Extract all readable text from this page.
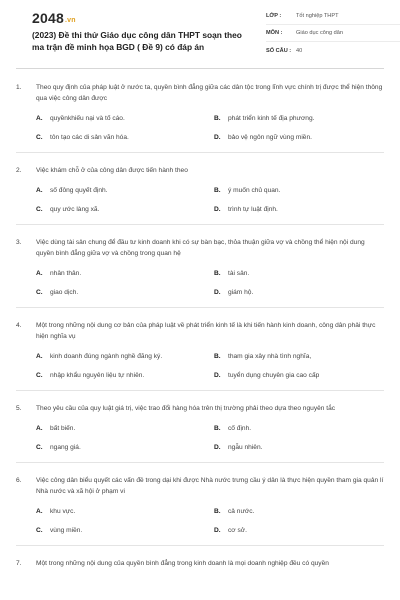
2048.vn
(2023) Đề thi thử Giáo dục công dân THPT soạn theo ma trận đề minh họa BGD ( Đề 9) có đáp án
LỚP :	Tốt nghiệp THPT
MÔN :	Giáo dục công dân
SỐ CÂU : 40
1.	Theo quy định của pháp luật ở nước ta, quyền bình đẳng giữa các dân tộc trong lĩnh vực chính trị được thể hiện thông qua việc công dân được
A.	quyềnkhiếu nại và tố cáo.	B.	phát triển kinh tế địa phương.
C.	tôn tạo các di sản văn hóa.	D.	bảo vệ ngôn ngữ vùng miền.
2.	Việc khám chỗ ở của công dân được tiến hành theo
A.	số đông quyết định.	B.	ý muốn chủ quan.
C.	quy ước làng xã.	D.	trình tự luật định.
3.	Việc dùng tài sản chung để đầu tư kinh doanh khi có sự bàn bạc, thỏa thuận giữa vợ và chồng thể hiện nội dung quyền bình đẳng giữa vợ và chồng trong quan hệ
A.	nhân thân.	B.	tài sản.
C.	giao dịch.	D.	giám hộ.
4.	Một trong những nội dung cơ bản của pháp luật về phát triển kinh tế là khi tiến hành kinh doanh, công dân phải thực hiện nghĩa vụ
A.	kinh doanh đúng ngành nghề đăng ký.	B.	tham gia xây nhà tình nghĩa,
C.	nhập khẩu nguyên liệu tự nhiên.	D.	tuyển dụng chuyên gia cao cấp
5.	Theo yêu cầu của quy luật giá trị, việc trao đổi hàng hóa trên thị trường phải theo dựa theo nguyên tắc
A.	bất biến.	B.	cố định.
C.	ngang giá.	D.	ngẫu nhiên.
6.	Việc công dân biểu quyết các vấn đề trong dại khi được Nhà nước trưng cầu ý dân là thực hiện quyền tham gia quản lí Nhà nước và xã hội ở phạm vi
A.	khu vực.	B.	cả nước.
C.	vùng miền.	D.	cơ sở.
7.	Một trong những nội dung của quyền bình đẳng trong kinh doanh là mọi doanh nghiệp đều có quyền
